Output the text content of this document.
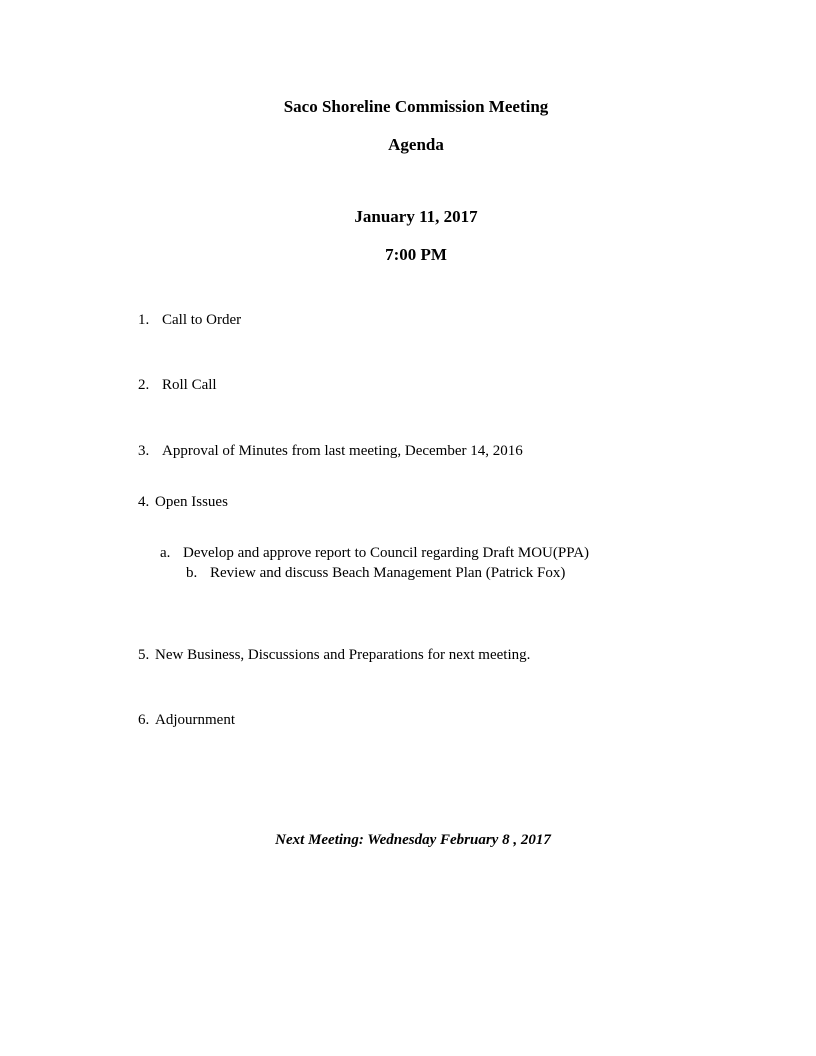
Saco Shoreline Commission Meeting
Agenda
January 11, 2017
7:00 PM
1. Call to Order
2. Roll Call
3. Approval of Minutes from last meeting, December 14, 2016
4. Open Issues
a. Develop and approve report to Council regarding Draft MOU(PPA)
b. Review and discuss Beach Management Plan (Patrick Fox)
5. New Business, Discussions and Preparations for next meeting.
6. Adjournment
Next Meeting: Wednesday February 8 , 2017
